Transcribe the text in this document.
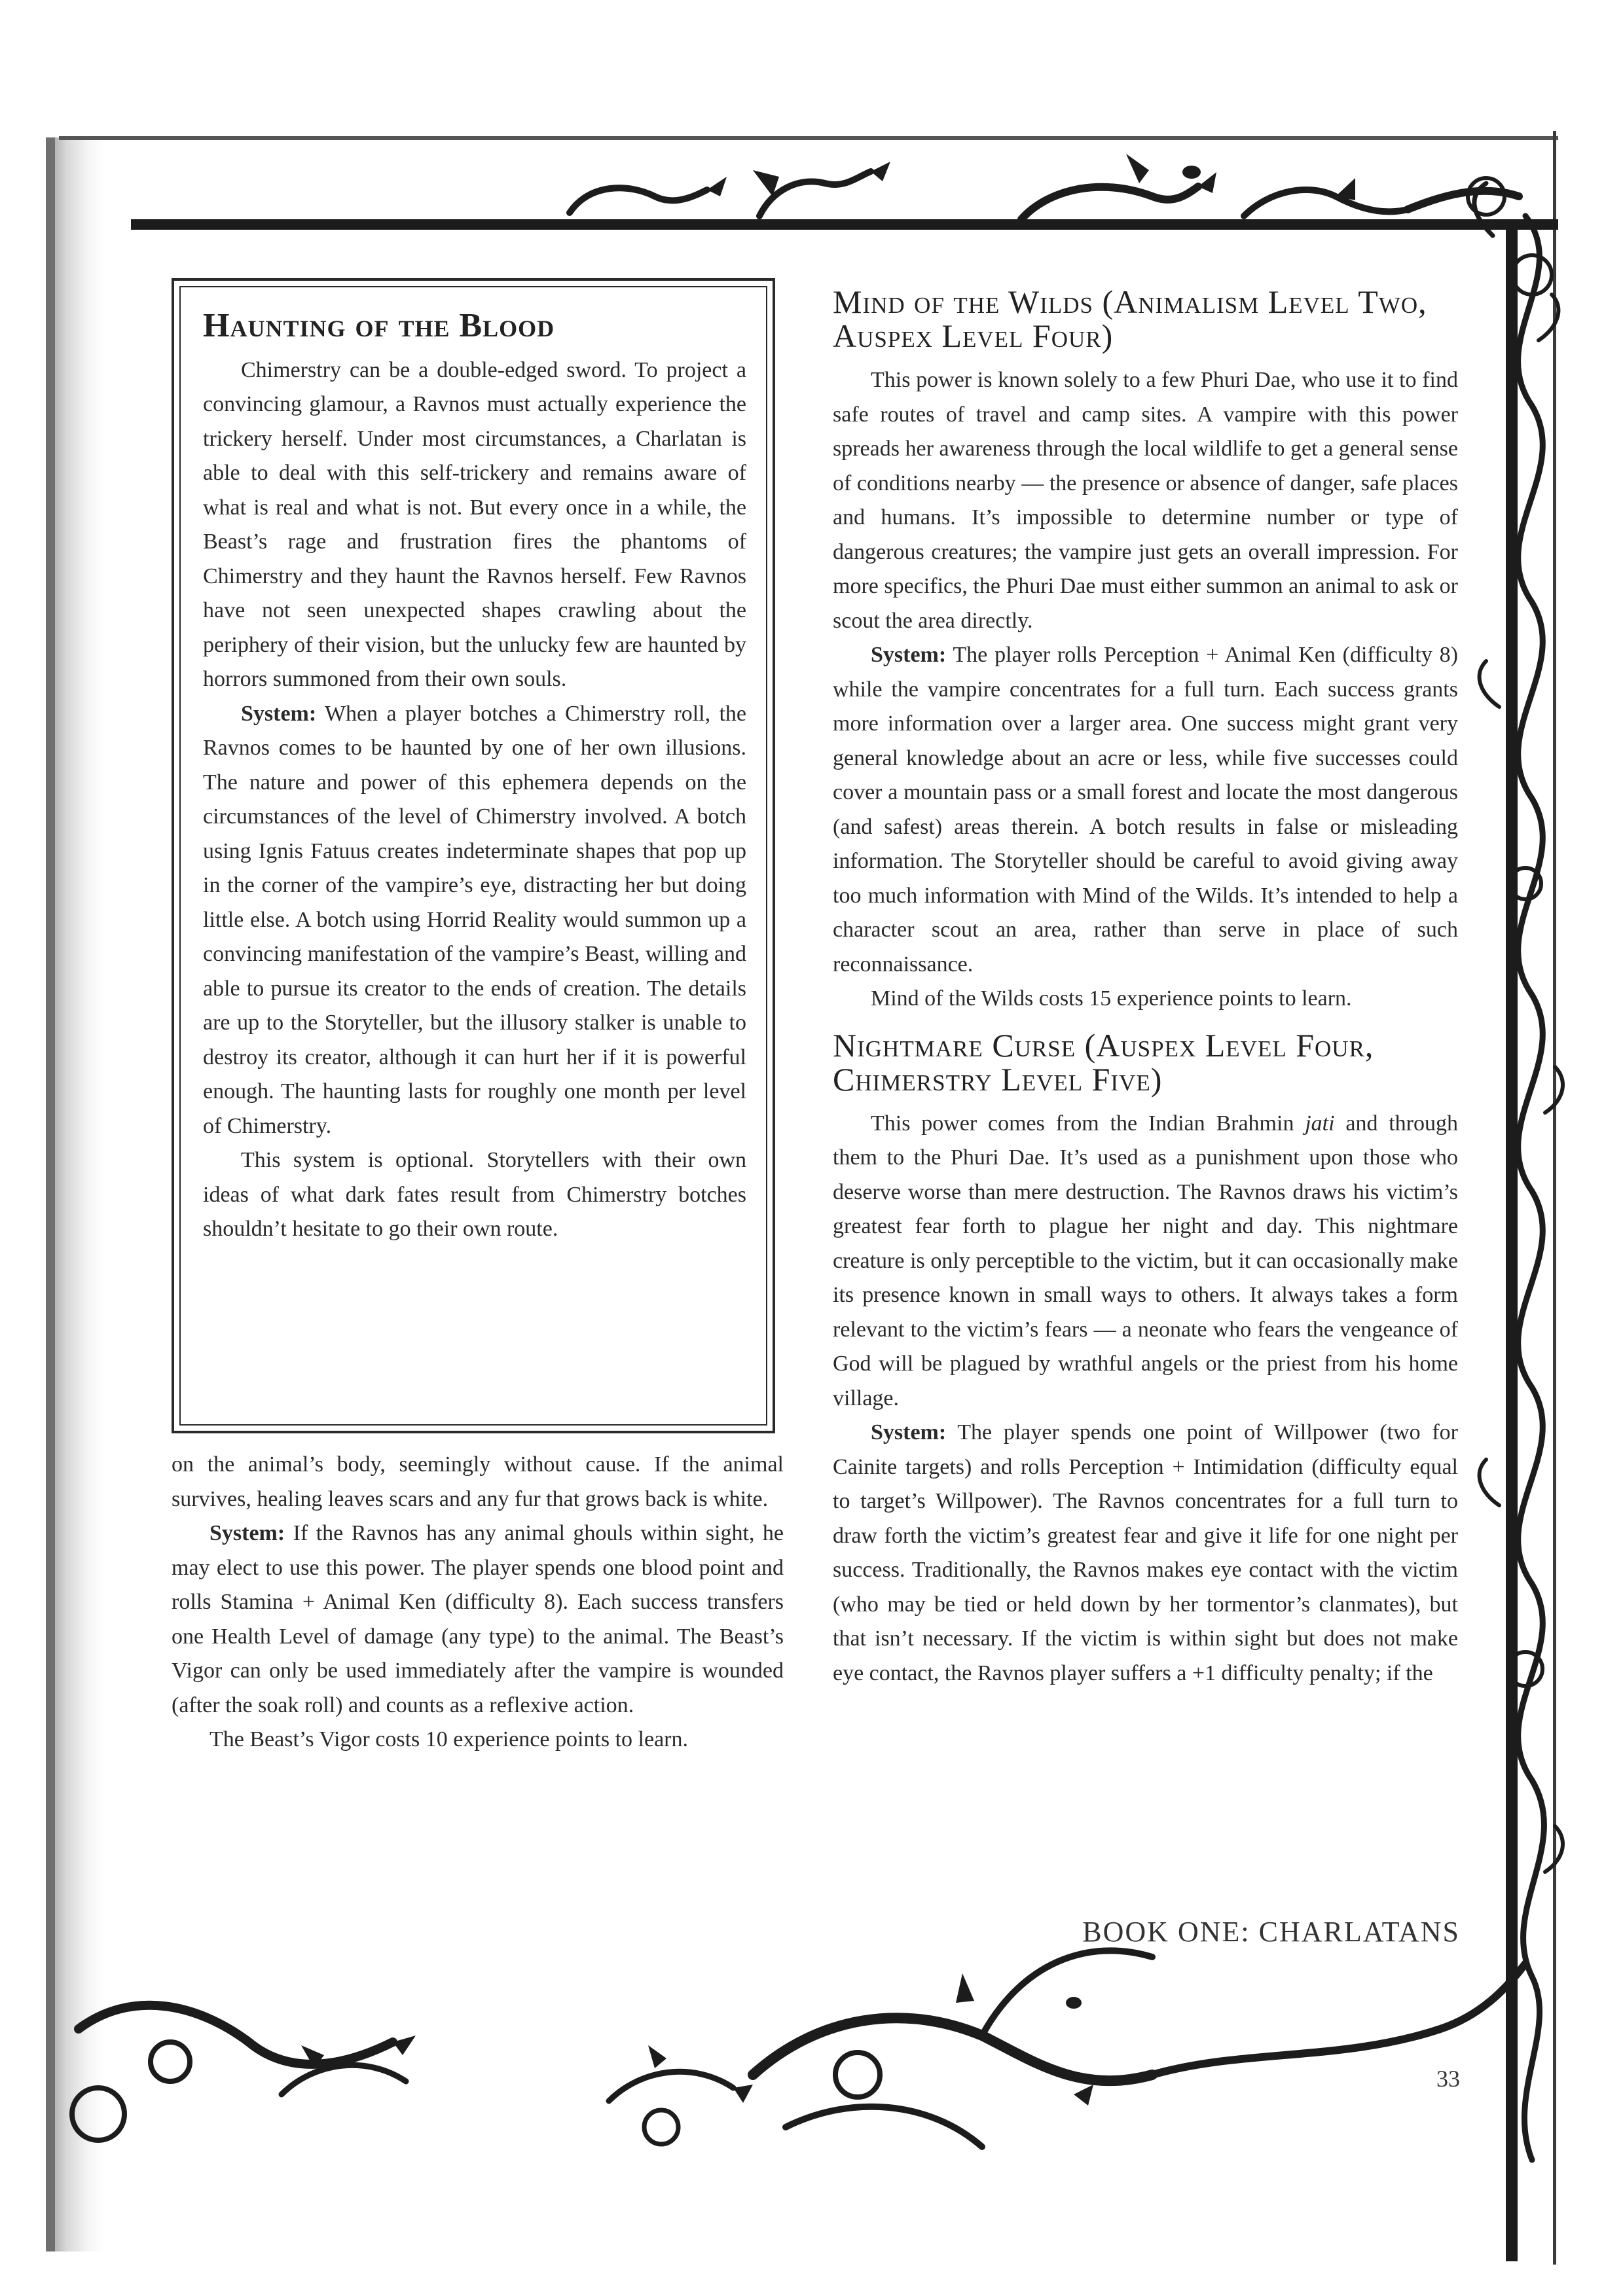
Haunting of the Blood

Chimerstry can be a double-edged sword. To project a convincing glamour, a Ravnos must actually experience the trickery herself. Under most circumstances, a Charlatan is able to deal with this self-trickery and remains aware of what is real and what is not. But every once in a while, the Beast’s rage and frustration fires the phantoms of Chimerstry and they haunt the Ravnos herself. Few Ravnos have not seen unexpected shapes crawling about the periphery of their vision, but the unlucky few are haunted by horrors summoned from their own souls.

System: When a player botches a Chimerstry roll, the Ravnos comes to be haunted by one of her own illusions. The nature and power of this ephemera depends on the circumstances of the level of Chimerstry involved. A botch using Ignis Fatuus creates indeterminate shapes that pop up in the corner of the vampire’s eye, distracting her but doing little else. A botch using Horrid Reality would summon up a convincing manifestation of the vampire’s Beast, willing and able to pursue its creator to the ends of creation. The details are up to the Storyteller, but the illusory stalker is unable to destroy its creator, although it can hurt her if it is powerful enough. The haunting lasts for roughly one month per level of Chimerstry.

This system is optional. Storytellers with their own ideas of what dark fates result from Chimerstry botches shouldn’t hesitate to go their own route.

on the animal’s body, seemingly without cause. If the animal survives, healing leaves scars and any fur that grows back is white.

System: If the Ravnos has any animal ghouls within sight, he may elect to use this power. The player spends one blood point and rolls Stamina + Animal Ken (difficulty 8). Each success transfers one Health Level of damage (any type) to the animal. The Beast’s Vigor can only be used immediately after the vampire is wounded (after the soak roll) and counts as a reflexive action.

The Beast’s Vigor costs 10 experience points to learn.

Mind of the Wilds (Animalism Level Two, Auspex Level Four)

This power is known solely to a few Phuri Dae, who use it to find safe routes of travel and camp sites. A vampire with this power spreads her awareness through the local wildlife to get a general sense of conditions nearby — the presence or absence of danger, safe places and humans. It’s impossible to determine number or type of dangerous creatures; the vampire just gets an overall impression. For more specifics, the Phuri Dae must either summon an animal to ask or scout the area directly.

System: The player rolls Perception + Animal Ken (difficulty 8) while the vampire concentrates for a full turn. Each success grants more information over a larger area. One success might grant very general knowledge about an acre or less, while five successes could cover a mountain pass or a small forest and locate the most dangerous (and safest) areas therein. A botch results in false or misleading information. The Storyteller should be careful to avoid giving away too much information with Mind of the Wilds. It’s intended to help a character scout an area, rather than serve in place of such reconnaissance.

Mind of the Wilds costs 15 experience points to learn.

Nightmare Curse (Auspex Level Four, Chimerstry Level Five)

This power comes from the Indian Brahmin jati and through them to the Phuri Dae. It’s used as a punishment upon those who deserve worse than mere destruction. The Ravnos draws his victim’s greatest fear forth to plague her night and day. This nightmare creature is only perceptible to the victim, but it can occasionally make its presence known in small ways to others. It always takes a form relevant to the victim’s fears — a neonate who fears the vengeance of God will be plagued by wrathful angels or the priest from his home village.

System: The player spends one point of Willpower (two for Cainite targets) and rolls Perception + Intimidation (difficulty equal to target’s Willpower). The Ravnos concentrates for a full turn to draw forth the victim’s greatest fear and give it life for one night per success. Traditionally, the Ravnos makes eye contact with the victim (who may be tied or held down by her tormentor’s clanmates), but that isn’t necessary. If the victim is within sight but does not make eye contact, the Ravnos player suffers a +1 difficulty penalty; if the

BOOK ONE: CHARLATANS
33
